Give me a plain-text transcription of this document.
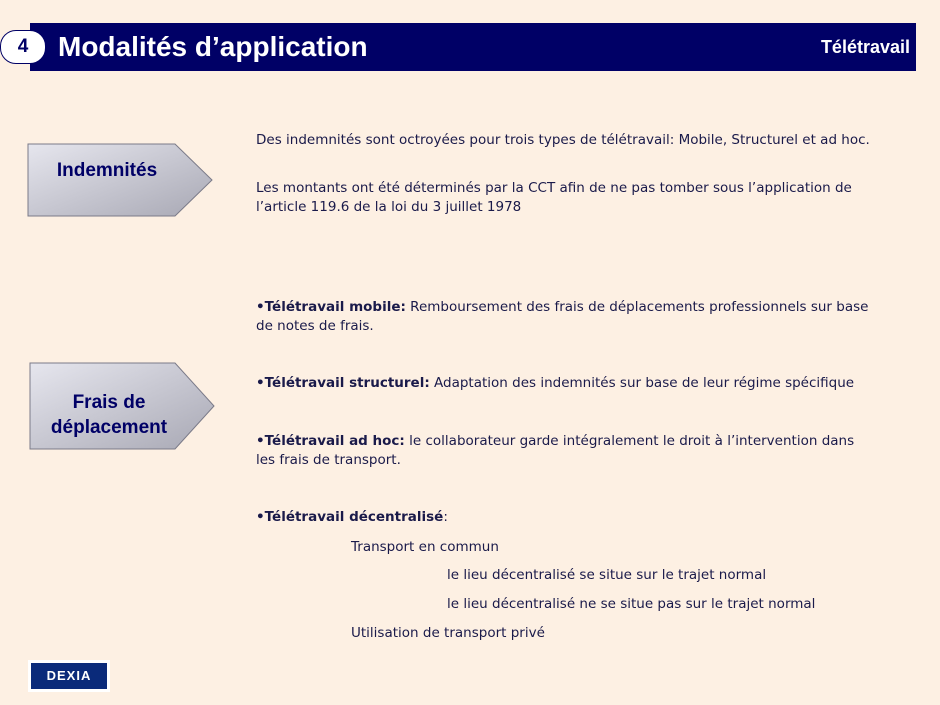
4	Modalités d’application	Télétravail
Indemnités
Des indemnités sont octroyées pour trois types de télétravail: Mobile, Structurel et ad hoc.
Les montants ont été déterminés par la CCT afin de ne pas tomber sous l’application de l’article 119.6 de la loi du 3 juillet 1978
Frais de
déplacement
•Télétravail mobile: Remboursement des frais de déplacements professionnels sur base de notes de frais.
•Télétravail structurel: Adaptation des indemnités sur base de leur régime spécifique
•Télétravail ad hoc: le collaborateur garde intégralement le droit à l’intervention dans les frais de transport.
•Télétravail décentralisé:
Transport en commun
le lieu décentralisé se situe sur le trajet normal
le lieu décentralisé ne se situe pas sur le trajet normal
Utilisation de transport privé
DEXIA
